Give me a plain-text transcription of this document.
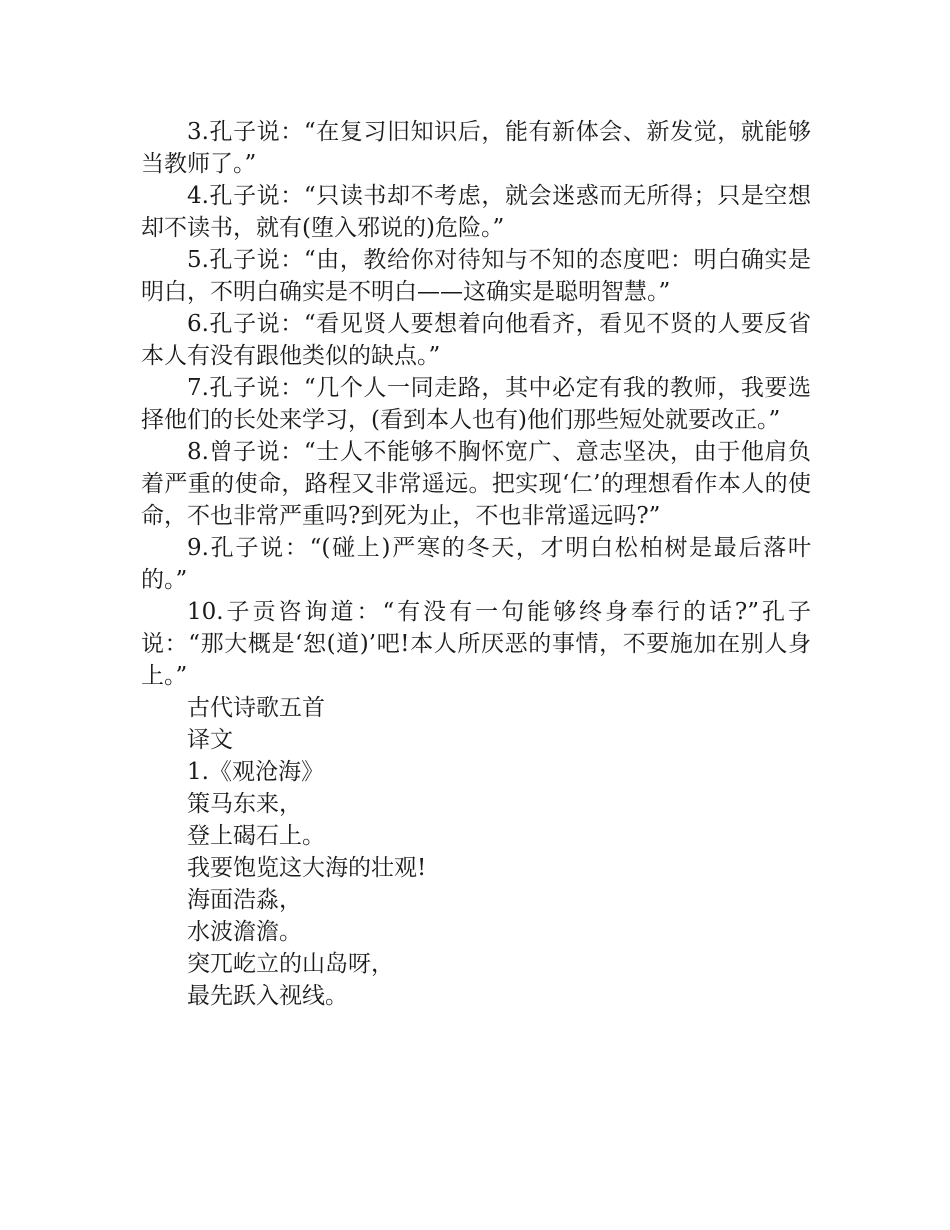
3.孔子说：“在复习旧知识后，能有新体会、新发觉，就能够当教师了。”

4.孔子说：“只读书却不考虑，就会迷惑而无所得；只是空想却不读书，就有(堕入邪说的)危险。”

5.孔子说：“由，教给你对待知与不知的态度吧：明白确实是明白，不明白确实是不明白——这确实是聪明智慧。”

6.孔子说：“看见贤人要想着向他看齐，看见不贤的人要反省本人有没有跟他类似的缺点。”

7.孔子说：“几个人一同走路，其中必定有我的教师，我要选择他们的长处来学习，(看到本人也有)他们那些短处就要改正。”

8.曾子说：“士人不能够不胸怀宽广、意志坚决，由于他肩负着严重的使命，路程又非常遥远。把实现‘仁’的理想看作本人的使命，不也非常严重吗?到死为止，不也非常遥远吗?”

9.孔子说：“(碰上)严寒的冬天，才明白松柏树是最后落叶的。”

10.子贡咨询道：“有没有一句能够终身奉行的话?”孔子说：“那大概是‘恕(道)’吧!本人所厌恶的事情，不要施加在别人身上。”

古代诗歌五首

译文

1.《观沧海》

策马东来，

登上碣石上。

我要饱览这大海的壮观!

海面浩淼，

水波澹澹。

突兀屹立的山岛呀，

最先跃入视线。
